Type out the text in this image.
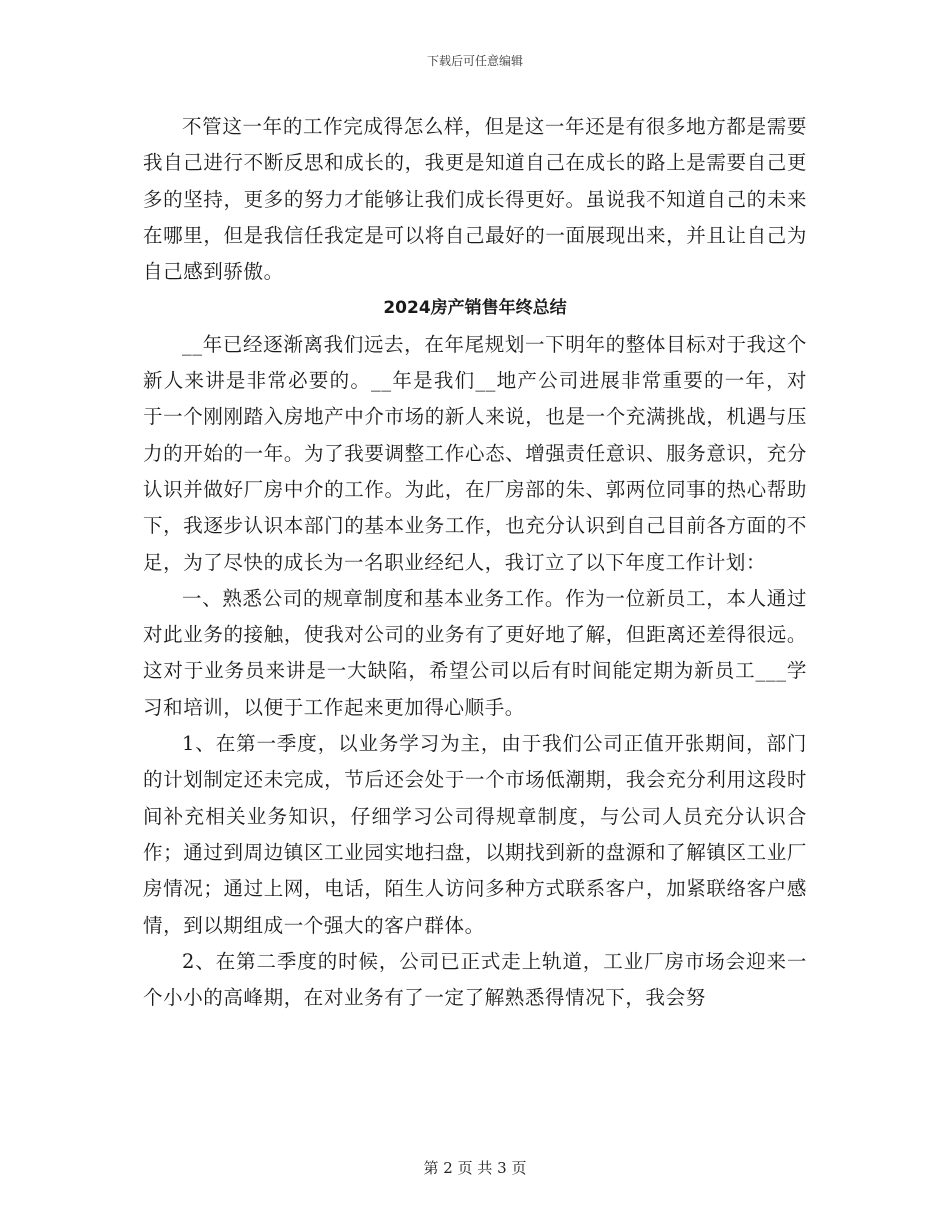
下载后可任意编辑

不管这一年的工作完成得怎么样，但是这一年还是有很多地方都是需要我自己进行不断反思和成长的，我更是知道自己在成长的路上是需要自己更多的坚持，更多的努力才能够让我们成长得更好。虽说我不知道自己的未来在哪里，但是我信任我定是可以将自己最好的一面展现出来，并且让自己为自己感到骄傲。

2024房产销售年终总结

__年已经逐渐离我们远去，在年尾规划一下明年的整体目标对于我这个新人来讲是非常必要的。__年是我们__地产公司进展非常重要的一年，对于一个刚刚踏入房地产中介市场的新人来说，也是一个充满挑战，机遇与压力的开始的一年。为了我要调整工作心态、增强责任意识、服务意识，充分认识并做好厂房中介的工作。为此，在厂房部的朱、郭两位同事的热心帮助下，我逐步认识本部门的基本业务工作，也充分认识到自己目前各方面的不足，为了尽快的成长为一名职业经纪人，我订立了以下年度工作计划：

一、熟悉公司的规章制度和基本业务工作。作为一位新员工，本人通过对此业务的接触，使我对公司的业务有了更好地了解，但距离还差得很远。这对于业务员来讲是一大缺陷，希望公司以后有时间能定期为新员工___学习和培训，以便于工作起来更加得心顺手。

1、在第一季度，以业务学习为主，由于我们公司正值开张期间，部门的计划制定还未完成，节后还会处于一个市场低潮期，我会充分利用这段时间补充相关业务知识，仔细学习公司得规章制度，与公司人员充分认识合作；通过到周边镇区工业园实地扫盘，以期找到新的盘源和了解镇区工业厂房情况；通过上网，电话，陌生人访问多种方式联系客户，加紧联络客户感情，到以期组成一个强大的客户群体。

2、在第二季度的时候，公司已正式走上轨道，工业厂房市场会迎来一个小小的高峰期，在对业务有了一定了解熟悉得情况下，我会努

第 2 页 共 3 页
